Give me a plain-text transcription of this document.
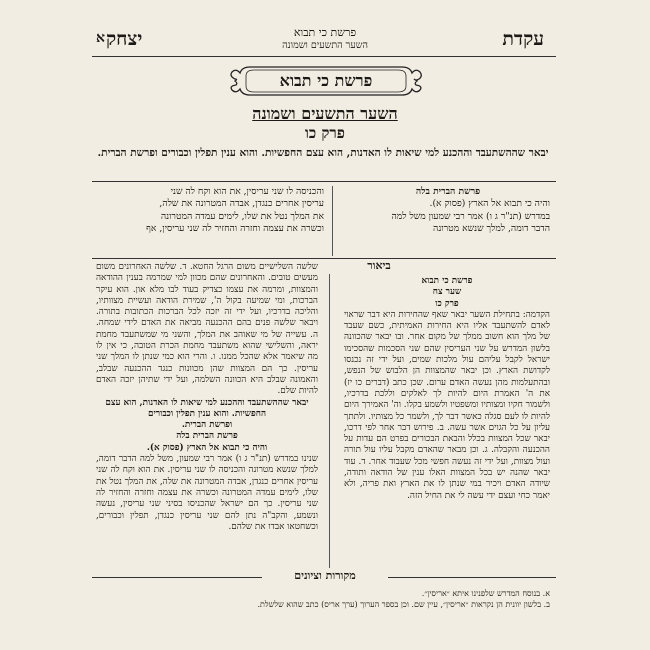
עקדת
יצחק	פרשת כי תבוא
השער התשעים ושמונה
א
פרשת כי תבוא
השער התשעים ושמונה
פרק כו
יבאר שההשתעבד וההכנע למי שיאות לו האדנות, הוא עצם החפשיות. והוא ענין תפלין וכבורים ופרשת הברית.
פרשת הברית בלה
והיה כי תבוא אל הארץ (פסוק א).
במדרש (תנ"ר ג ו) אמר רבי שמעון משל למה
הדבר דומה, למלך שנשא מטרונה
והכניסה לו שני עריסין, את הוא וקח לה שני
עריסין אחרים כנגדן, אבדה המטרונה את שלה,
את המלך נטל את שלו, לימים עמדה המטרונה
וכשרה את עצמה וחזרה והחזיר לה שני עריסין, אף
ביאור
פרשת כי תבוא
שער צח
פרק כו
הקדמה: בתחילת השער יבאר שאף שהחירות היא דבר שראוי לאדם להשתעבד אליו היא החירות האמיתית, כשם שעבד של מלך הוא חשוב ממלך של מקום אחר. ובו יבאר שהכוונה בלשון המדרש על שני העריסין שהם שני הסכמות שהסכימו ישראל לקבל עליהם עול מלכות שמים, ועל ידי זה נכנסו לקדושת הארץ. וכן יבאר שהמצוות הן הלבוש של הנפש, ובהתעלמות מהן נעשה האדם ערום. שכן כתב (דברים כו יז) את ה' האמרת היום להיות לך לאלקים וללכת בדרכיו, ולשמור חקיו ומצותיו ומשפטיו ולשמע בקלו. וה' האמירך היום להיות לו לעם סגלה כאשר דבר לך, ולשמר כל מצותיו. ולתתך עליון על כל הגוים אשר עשה. ב. פירוש דבר אחר לפי דרכו, יבאר שכל המצוות בכלל והבאת הבכורים בפרט הם עדות על ההכנעה והקבלה. ג. וכן מבאר שהאדם מקבל עליו עול תורה ועול מצוות, ועל ידי זה נעשה חפשי מכל שעבוד אחר. ד. עוד יבאר שהנה יש בכל המצוות האלו ענין של הודאה ותודה, שיודה האדם ויכיר במי שנתן לו את הארץ ואת פריה, ולא יאמר כחי ועצם ידי עשה לי את החיל הזה.
שלשה השלישיים משום הרגל החטא. ד. שלשה האחרונים משום מעשים טובים. והאחרונים שהם מכוון למי שמרמה בענין ההודאה והמצוות, ומרמה את עצמו כצדיק בעוד לבו מלא און. הוא עיקר הברכות, ומי שמיעה בקול ה', שמירת הודאה ועשיית מצוותיו, והליכה בדרכיו, ועל ידי זה יזכה לכל הברכות הכתובות בתורה. ויבאר שלשה פנים בהם ההכנעה מביאה את האדם לידי שמחה. ה. עשייה של מי שאוהב את המלך, והשני מי שמשתעבד מחמת יראה, והשלישי שהוא משתעבד מחמת הכרת הטובה, כי אין לו מה שיאמר אלא שהכל ממנו. ו. והרי הוא כמי שנתן לו המלך שני עריסין. כך הם המצוות שהן מכוונות כנגד ההכנעה שבלב, והאמונה שבלב היא הכוונה השלמה, ועל ידי שתיהן יזכה האדם להיות שלם.
יבאר שההשתעבד וההכנע למי שיאות לו האדנות, הוא עצם החפשיות. והוא ענין תפלין וכבורים
ופרשת הברית.
פרשת הברית בלה
והיה כי תבוא אל הארץ (פסוק א).
שנינו במדרש (תנ"ר ג ו) אמר רבי שמעון, משל למה הדבר דומה, למלך שנשא מטרונה והכניסה לו שני עריסין. את הוא וקח לה שני עריסין אחרים כנגדן, אבדה המטרונה את שלה, את המלך נטל את שלו, לימים עמדה המטרונה וכשרה את עצמה וחזרה והחזיר לה שני עריסין. כך הם ישראל שהכניסו בסיני שני עריסין, נעשה ונשמע, והקב"ה נתן להם שני עריסין כנגדן, תפלין וכבורים, וכשחטאו אבדו את שלהם.
מקורות וציונים
א. בנוסח המדרש שלפנינו איתא ״אריסין״.
ב. בלשון יוונית הן נקראות ״אריסין״, עיין שם. וכן בספר הערוך (ערך אריס) כתב שהוא שלשלת.
